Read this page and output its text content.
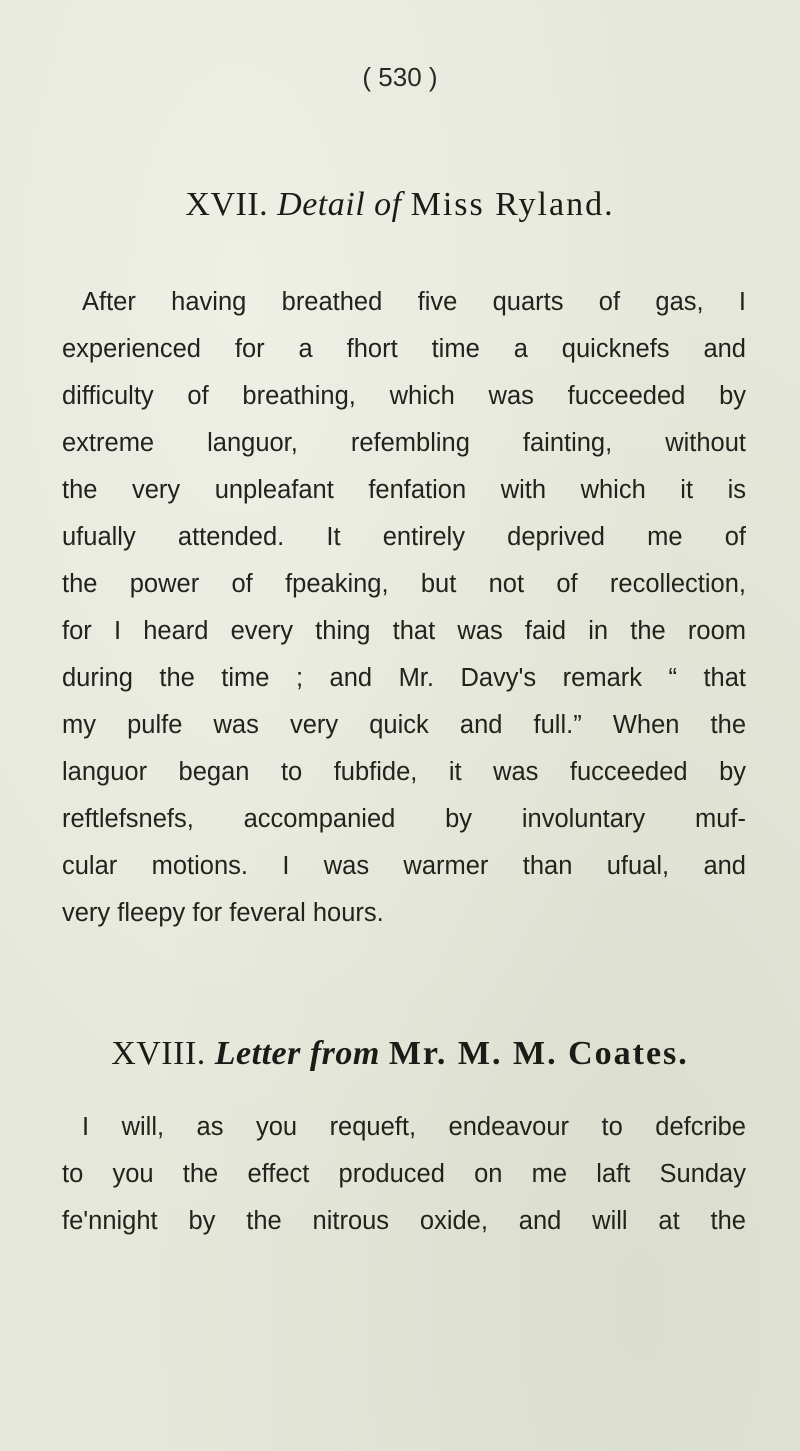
( 530 )
XVII. Detail of Miss Ryland.
After having breathed five quarts of gas, I
experienced for a fhort time a quicknefs and
difficulty of breathing, which was fucceeded by
extreme languor, refembling fainting, without
the very unpleafant fenfation with which it is
ufually attended. It entirely deprived me of
the power of fpeaking, but not of recollection,
for I heard every thing that was faid in the room
during the time ; and Mr. Davy's remark “ that
my pulfe was very quick and full.” When the
languor began to fubfide, it was fucceeded by
reftlefsnefs, accompanied by involuntary muf-
cular motions. I was warmer than ufual, and
very fleepy for feveral hours.
XVIII. Letter from Mr. M. M. Coates.
I will, as you requeft, endeavour to defcribe
to you the effect produced on me laft Sunday
fe'nnight by the nitrous oxide, and will at the
